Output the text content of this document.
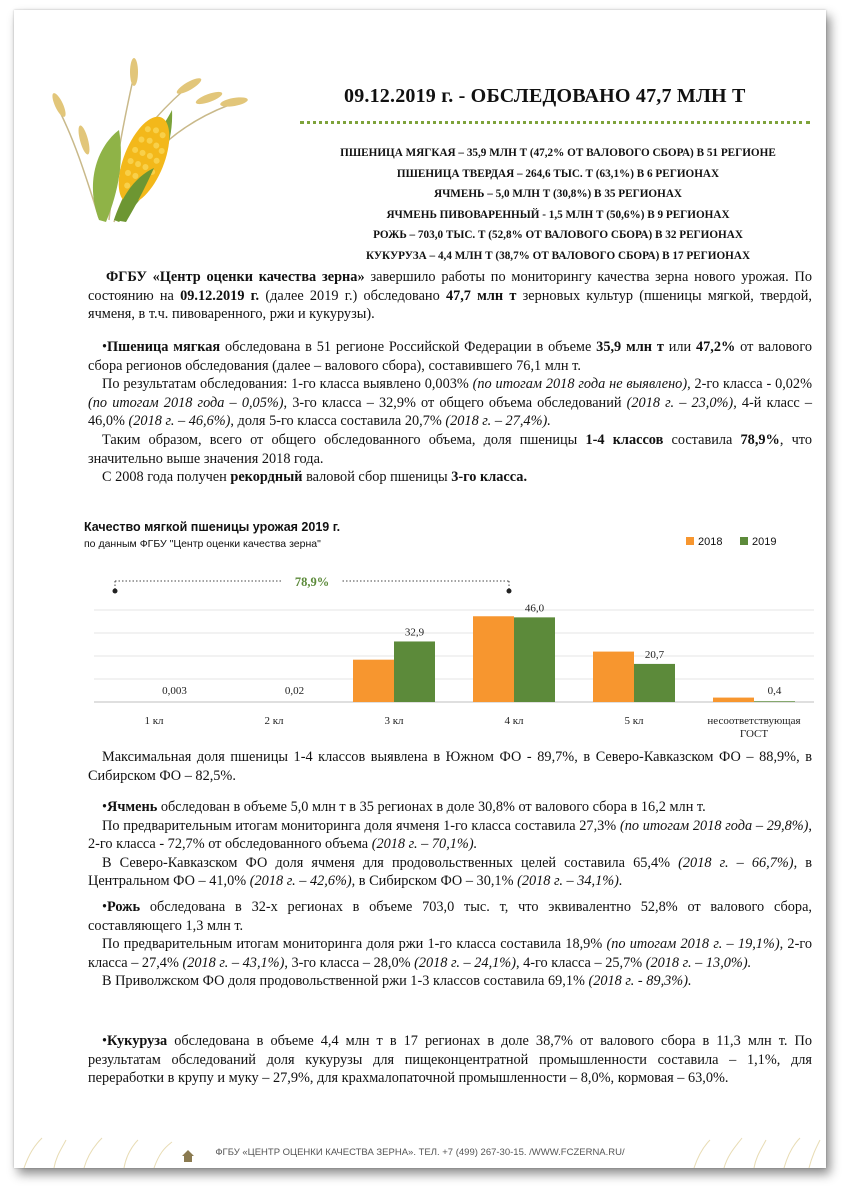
09.12.2019 г. - ОБСЛЕДОВАНО 47,7 МЛН Т
ПШЕНИЦА МЯГКАЯ – 35,9 МЛН Т (47,2% ОТ ВАЛОВОГО СБОРА) В 51 РЕГИОНЕ
ПШЕНИЦА ТВЕРДАЯ – 264,6 ТЫС. Т (63,1%) В 6 РЕГИОНАХ
ЯЧМЕНЬ – 5,0 МЛН Т (30,8%) В 35 РЕГИОНАХ
ЯЧМЕНЬ ПИВОВАРЕННЫЙ - 1,5 МЛН Т (50,6%) В 9 РЕГИОНАХ
РОЖЬ – 703,0 ТЫС. Т (52,8% ОТ ВАЛОВОГО СБОРА) В 32 РЕГИОНАХ
КУКУРУЗА – 4,4 МЛН Т (38,7% ОТ ВАЛОВОГО СБОРА) В 17 РЕГИОНАХ

ФГБУ «Центр оценки качества зерна» завершило работы по мониторингу качества зерна нового урожая. По состоянию на 09.12.2019 г. (далее 2019 г.) обследовано 47,7 млн т зерновых культур (пшеницы мягкой, твердой, ячменя, в т.ч. пивоваренного, ржи и кукурузы).

•Пшеница мягкая обследована в 51 регионе Российской Федерации в объеме 35,9 млн т или 47,2% от валового сбора регионов обследования (далее – валового сбора), составившего 76,1 млн т.

По результатам обследования: 1-го класса выявлено 0,003% (по итогам 2018 года не выявлено), 2-го класса - 0,02% (по итогам 2018 года – 0,05%), 3-го класса – 32,9% от общего объема обследований (2018 г. – 23,0%), 4-й класс – 46,0% (2018 г. – 46,6%), доля 5-го класса составила 20,7% (2018 г. – 27,4%).

Таким образом, всего от общего обследованного объема, доля пшеницы 1-4 классов составила 78,9%, что значительно выше значения 2018 года.

С 2008 года получен рекордный валовой сбор пшеницы 3-го класса.

Качество мягкой пшеницы урожая 2019 г.
по данным ФГБУ "Центр оценки качества зерна"	2018	2019
0,003
1 кл
0,02
2 кл
32,9
3 кл
46,0
4 кл
20,7
5 кл
0,4
несоответствующая ГОСТ
78,9%

Максимальная доля пшеницы 1-4 классов выявлена в Южном ФО - 89,7%, в Северо-Кавказском ФО – 88,9%, в Сибирском ФО – 82,5%.

•Ячмень обследован в объеме 5,0 млн т в 35 регионах в доле 30,8% от валового сбора в 16,2 млн т.

По предварительным итогам мониторинга доля ячменя 1-го класса составила 27,3% (по итогам 2018 года – 29,8%), 2-го класса - 72,7% от обследованного объема (2018 г. – 70,1%).

В Северо-Кавказском ФО доля ячменя для продовольственных целей составила 65,4% (2018 г. – 66,7%), в Центральном ФО – 41,0% (2018 г. – 42,6%), в Сибирском ФО – 30,1% (2018 г. – 34,1%).

•Рожь обследована в 32-х регионах в объеме 703,0 тыс. т, что эквивалентно 52,8% от валового сбора, составляющего 1,3 млн т.

По предварительным итогам мониторинга доля ржи 1-го класса составила 18,9% (по итогам 2018 г. – 19,1%), 2-го класса – 27,4% (2018 г. – 43,1%), 3-го класса – 28,0% (2018 г. – 24,1%), 4-го класса – 25,7% (2018 г. – 13,0%).

В Приволжском ФО доля продовольственной ржи 1-3 классов составила 69,1% (2018 г. - 89,3%).

•Кукуруза обследована в объеме 4,4 млн т в 17 регионах в доле 38,7% от валового сбора в 11,3 млн т. По результатам обследований доля кукурузы для пищеконцентратной промышленности составила – 1,1%, для переработки в крупу и муку – 27,9%, для крахмалопаточной промышленности – 8,0%, кормовая – 63,0%.

ФГБУ «ЦЕНТР ОЦЕНКИ КАЧЕСТВА ЗЕРНА». ТЕЛ. +7 (499) 267-30-15. /WWW.FCZERNA.RU/
